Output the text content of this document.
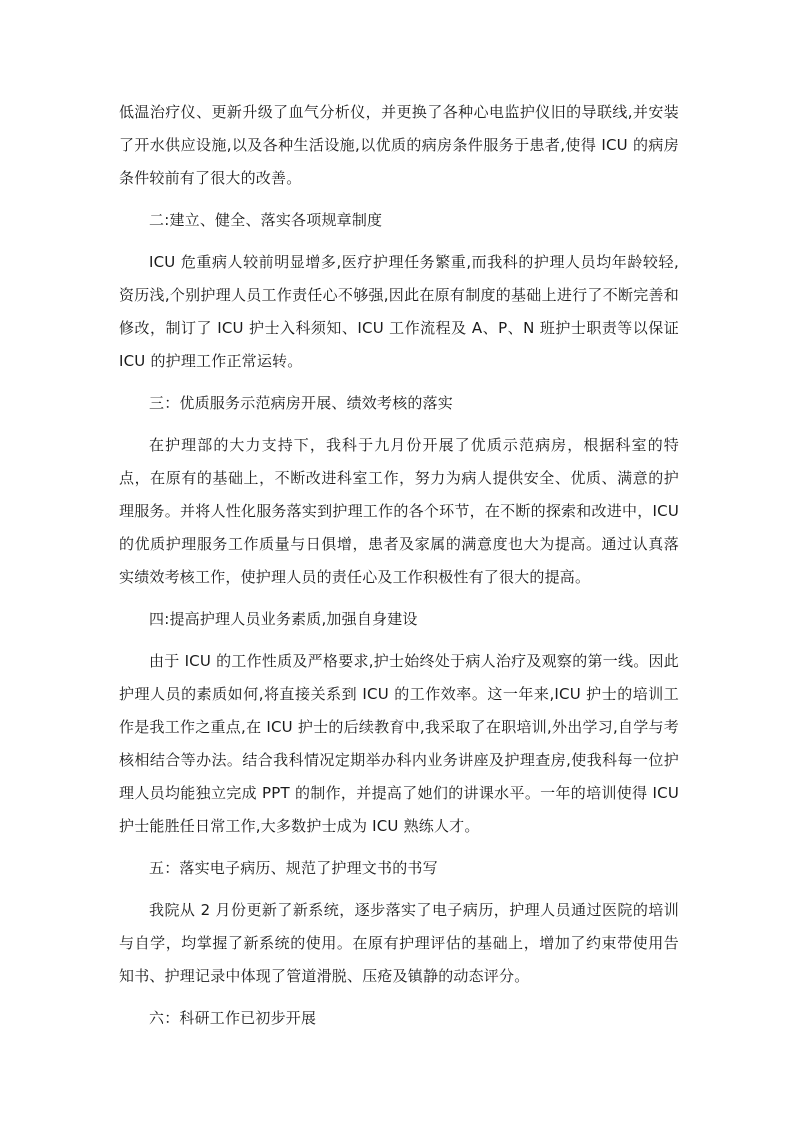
低温治疗仪、更新升级了血气分析仪，并更换了各种心电监护仪旧的导联线,并安装了开水供应设施,以及各种生活设施,以优质的病房条件服务于患者,使得 ICU 的病房条件较前有了很大的改善。

二:建立、健全、落实各项规章制度

ICU 危重病人较前明显增多,医疗护理任务繁重,而我科的护理人员均年龄较轻,资历浅,个别护理人员工作责任心不够强,因此在原有制度的基础上进行了不断完善和修改，制订了 ICU 护士入科须知、ICU 工作流程及 A、P、N 班护士职责等以保证 ICU 的护理工作正常运转。

三：优质服务示范病房开展、绩效考核的落实

在护理部的大力支持下，我科于九月份开展了优质示范病房，根据科室的特点，在原有的基础上，不断改进科室工作，努力为病人提供安全、优质、满意的护理服务。并将人性化服务落实到护理工作的各个环节，在不断的探索和改进中，ICU 的优质护理服务工作质量与日俱增，患者及家属的满意度也大为提高。通过认真落实绩效考核工作，使护理人员的责任心及工作积极性有了很大的提高。

四:提高护理人员业务素质,加强自身建设

由于 ICU 的工作性质及严格要求,护士始终处于病人治疗及观察的第一线。因此护理人员的素质如何,将直接关系到 ICU 的工作效率。这一年来,ICU 护士的培训工作是我工作之重点,在 ICU 护士的后续教育中,我采取了在职培训,外出学习,自学与考核相结合等办法。结合我科情况定期举办科内业务讲座及护理查房,使我科每一位护理人员均能独立完成 PPT 的制作，并提高了她们的讲课水平。一年的培训使得 ICU 护士能胜任日常工作,大多数护士成为 ICU 熟练人才。

五：落实电子病历、规范了护理文书的书写

我院从 2 月份更新了新系统，逐步落实了电子病历，护理人员通过医院的培训与自学，均掌握了新系统的使用。在原有护理评估的基础上，增加了约束带使用告知书、护理记录中体现了管道滑脱、压疮及镇静的动态评分。

六：科研工作已初步开展
